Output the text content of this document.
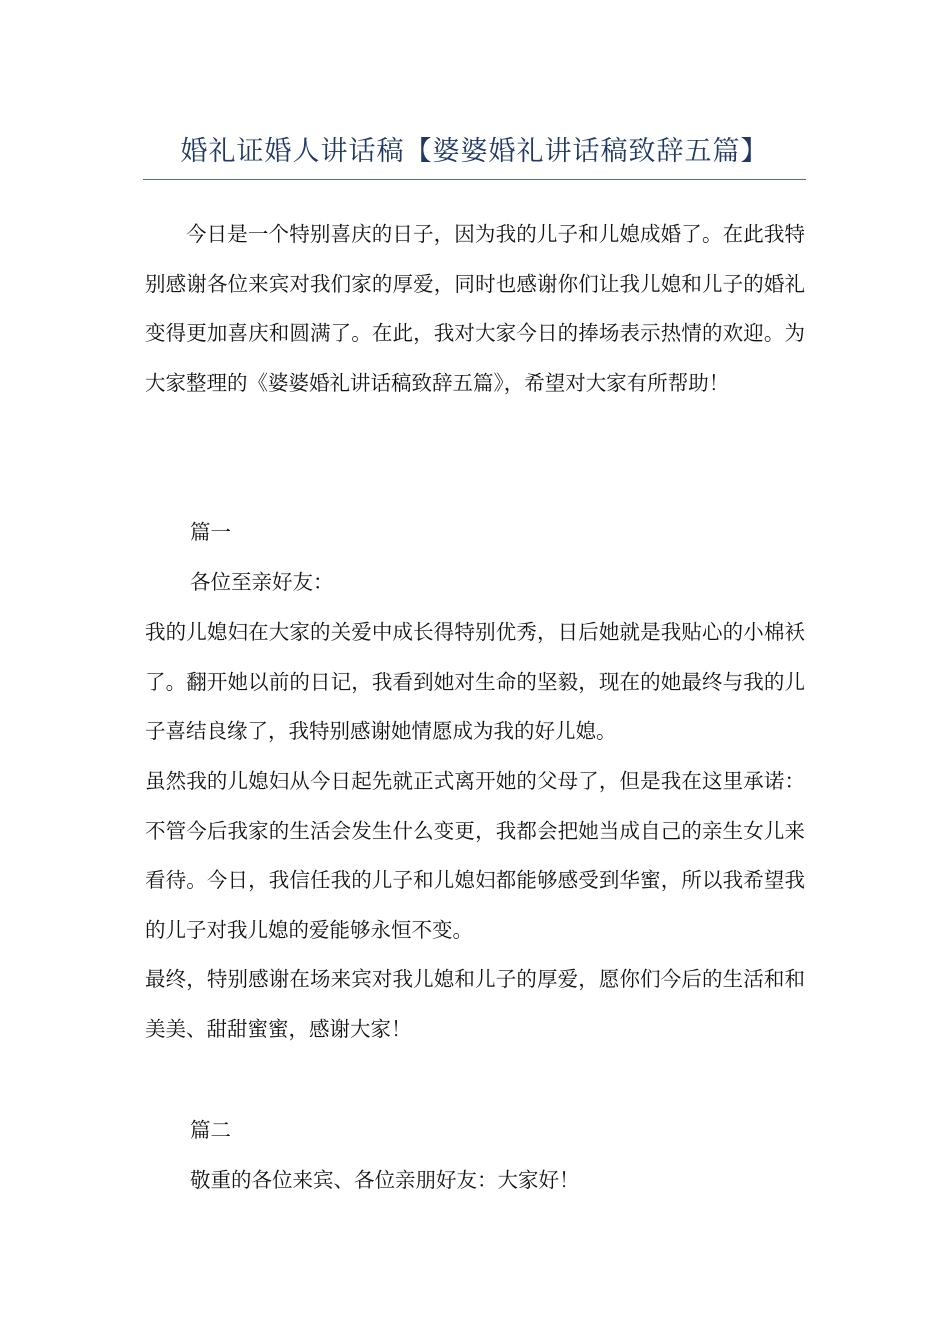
婚礼证婚人讲话稿【婆婆婚礼讲话稿致辞五篇】
今日是一个特别喜庆的日子，因为我的儿子和儿媳成婚了。在此我特别感谢各位来宾对我们家的厚爱，同时也感谢你们让我儿媳和儿子的婚礼变得更加喜庆和圆满了。在此，我对大家今日的捧场表示热情的欢迎。为大家整理的《婆婆婚礼讲话稿致辞五篇》，希望对大家有所帮助！
篇一
各位至亲好友：
我的儿媳妇在大家的关爱中成长得特别优秀，日后她就是我贴心的小棉袄了。翻开她以前的日记，我看到她对生命的坚毅，现在的她最终与我的儿子喜结良缘了，我特别感谢她情愿成为我的好儿媳。
虽然我的儿媳妇从今日起先就正式离开她的父母了，但是我在这里承诺：不管今后我家的生活会发生什么变更，我都会把她当成自己的亲生女儿来看待。今日，我信任我的儿子和儿媳妇都能够感受到华蜜，所以我希望我的儿子对我儿媳的爱能够永恒不变。
最终，特别感谢在场来宾对我儿媳和儿子的厚爱，愿你们今后的生活和和美美、甜甜蜜蜜，感谢大家！
篇二
敬重的各位来宾、各位亲朋好友：大家好！
